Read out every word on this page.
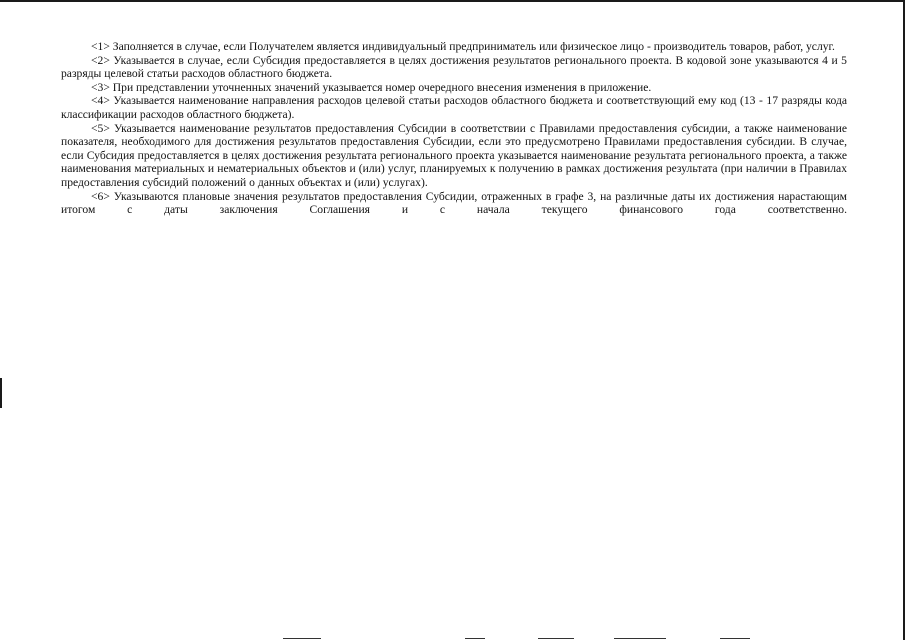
<1> Заполняется в случае, если Получателем является индивидуальный предприниматель или физическое лицо - производитель товаров, работ, услуг.

<2> Указывается в случае, если Субсидия предоставляется в целях достижения результатов регионального проекта. В кодовой зоне указываются 4 и 5 разряды целевой статьи расходов областного бюджета.

<3> При представлении уточненных значений указывается номер очередного внесения изменения в приложение.

<4> Указывается наименование направления расходов целевой статьи расходов областного бюджета и соответствующий ему код (13 - 17 разряды кода классификации расходов областного бюджета).

<5> Указывается наименование результатов предоставления Субсидии в соответствии с Правилами предоставления субсидии, а также наименование показателя, необходимого для достижения результатов предоставления Субсидии, если это предусмотрено Правилами предоставления субсидии. В случае, если Субсидия предоставляется в целях достижения результата регионального проекта указывается наименование результата регионального проекта, а также наименования материальных и нематериальных объектов и (или) услуг, планируемых к получению в рамках достижения результата (при наличии в Правилах предоставления субсидий положений о данных объектах и (или) услугах).

<6> Указываются плановые значения результатов предоставления Субсидии, отраженных в графе 3, на различные даты их достижения нарастающим итогом с даты заключения Соглашения и с начала текущего финансового года соответственно.
